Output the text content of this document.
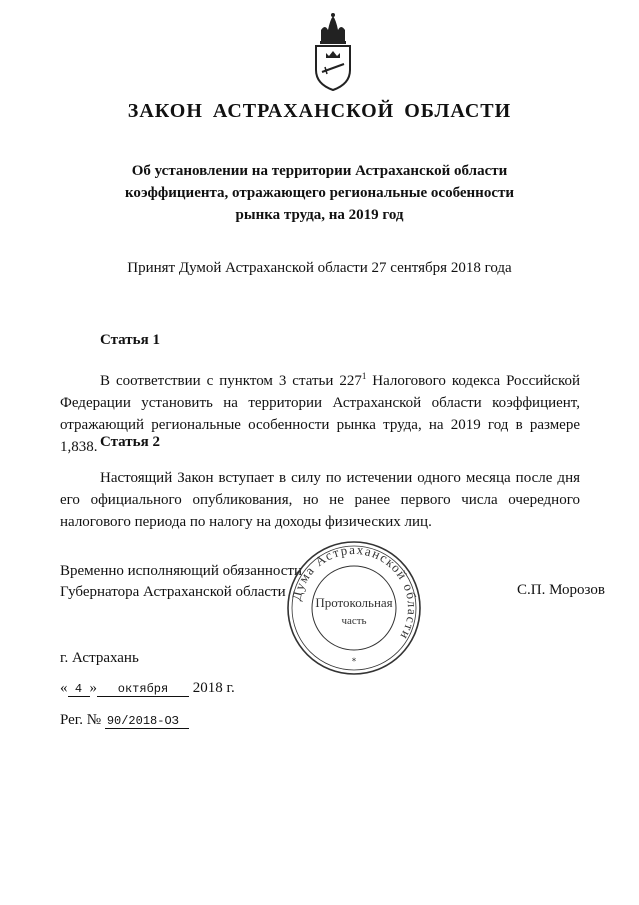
ЗАКОН АСТРАХАНСКОЙ ОБЛАСТИ
Об установлении на территории Астраханской области
коэффициента, отражающего региональные особенности
рынка труда, на 2019 год
Принят Думой Астраханской области 27 сентября 2018 года
Статья 1
В соответствии с пунктом 3 статьи $227^1$ Налогового кодекса Российской Федерации установить на территории Астраханской области коэффициент, отражающий региональные особенности рынка труда, на 2019 год в размере 1,838. Статья 2
Настоящий Закон вступает в силу по истечении одного месяца после дня его официального опубликования, но не ранее первого числа очередного налогового периода по налогу на доходы физических лиц.
Временно исполняющий обязанности
Губернатора Астраханской области	С.П. Морозов
Дума Астраханской области
Протокольная
часть
*
г. Астрахань
« 4 » октября 2018 г.
Рег. № 90/2018-ОЗ
